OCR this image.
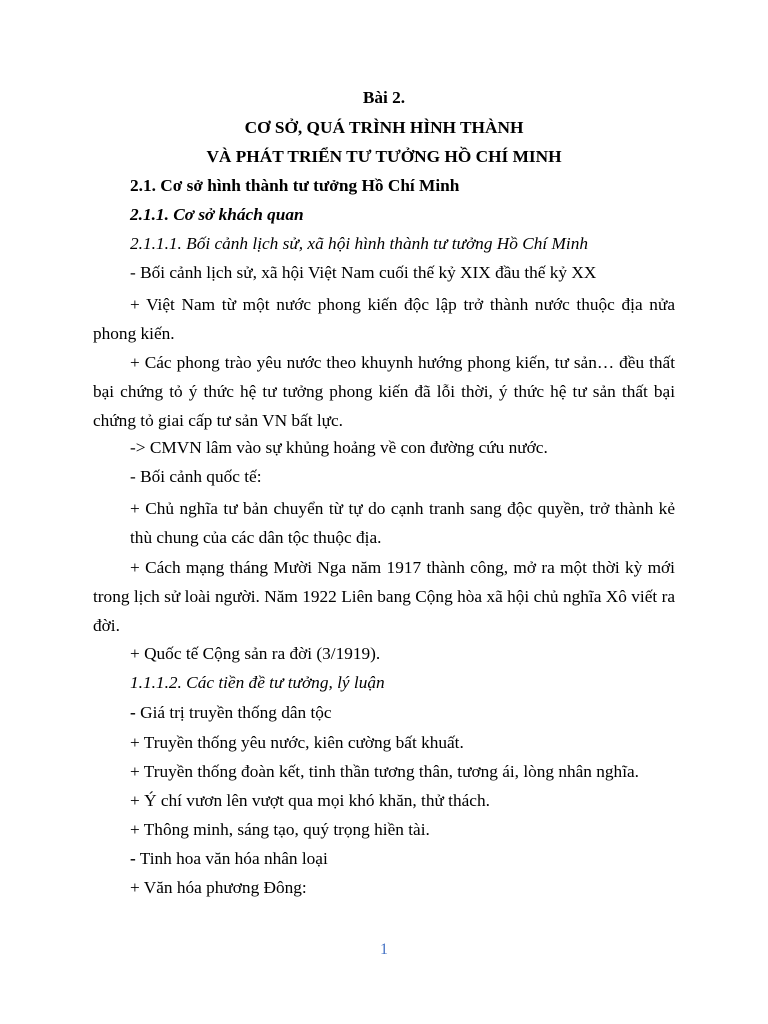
Bài 2.
CƠ SỞ, QUÁ TRÌNH HÌNH THÀNH
VÀ PHÁT TRIỂN TƯ TƯỞNG HỒ CHÍ MINH
2.1. Cơ sở hình thành tư tưởng Hồ Chí Minh
2.1.1. Cơ sở khách quan
2.1.1.1. Bối cảnh lịch sử, xã hội hình thành tư tưởng Hồ Chí Minh
- Bối cảnh lịch sử, xã hội Việt Nam cuối thế kỷ XIX đầu thế kỷ XX
+ Việt Nam từ một nước phong kiến độc lập trở thành nước thuộc địa nửa phong kiến.
+ Các phong trào yêu nước theo khuynh hướng phong kiến, tư sản… đều thất bại chứng tỏ ý thức hệ tư tưởng phong kiến đã lỗi thời, ý thức hệ tư sản thất bại chứng tỏ giai cấp tư sản VN bất lực.
-> CMVN lâm vào sự khủng hoảng về con đường cứu nước.
- Bối cảnh quốc tế:
+ Chủ nghĩa tư bản chuyển từ tự do cạnh tranh sang độc quyền, trở thành kẻ thù chung của các dân tộc thuộc địa.
+ Cách mạng tháng Mười Nga năm 1917 thành công, mở ra một thời kỳ mới trong lịch sử loài người. Năm 1922 Liên bang Cộng hòa xã hội chủ nghĩa Xô viết ra đời.
+ Quốc tế Cộng sản ra đời (3/1919).
1.1.1.2. Các tiền đề tư tưởng, lý luận
- Giá trị truyền thống dân tộc
+ Truyền thống yêu nước, kiên cường bất khuất.
+ Truyền thống đoàn kết, tinh thần tương thân, tương ái, lòng nhân nghĩa.
+ Ý chí vươn lên vượt qua mọi khó khăn, thử thách.
+ Thông minh, sáng tạo, quý trọng hiền tài.
- Tinh hoa văn hóa nhân loại
+ Văn hóa phương Đông:
1
